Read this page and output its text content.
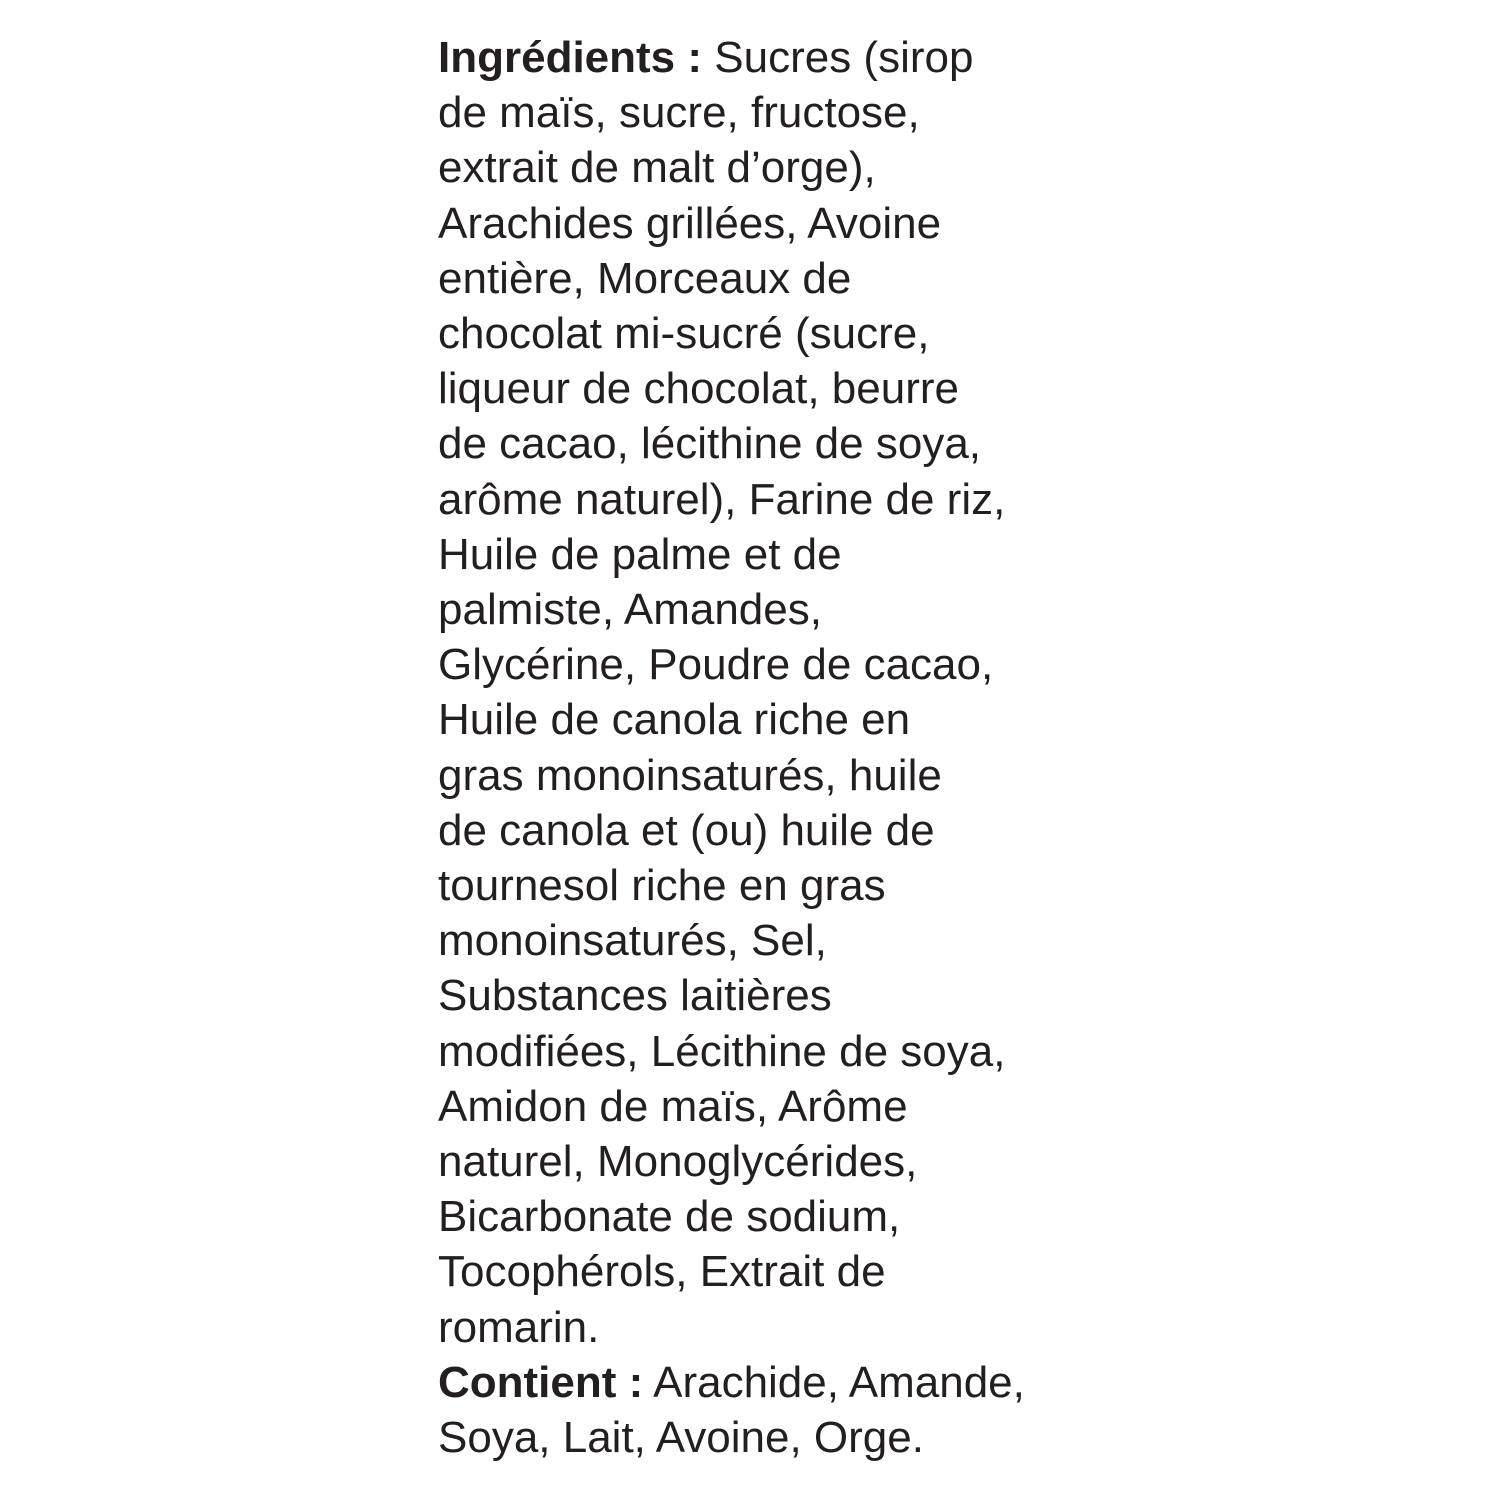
Ingrédients : Sucres (sirop
de maïs, sucre, fructose,
extrait de malt d’orge),
Arachides grillées, Avoine
entière, Morceaux de
chocolat mi-sucré (sucre,
liqueur de chocolat, beurre
de cacao, lécithine de soya,
arôme naturel), Farine de riz,
Huile de palme et de
palmiste, Amandes,
Glycérine, Poudre de cacao,
Huile de canola riche en
gras monoinsaturés, huile
de canola et (ou) huile de
tournesol riche en gras
monoinsaturés, Sel,
Substances laitières
modifiées, Lécithine de soya,
Amidon de maïs, Arôme
naturel, Monoglycérides,
Bicarbonate de sodium,
Tocophérols, Extrait de
romarin.
Contient : Arachide, Amande,
Soya, Lait, Avoine, Orge.
